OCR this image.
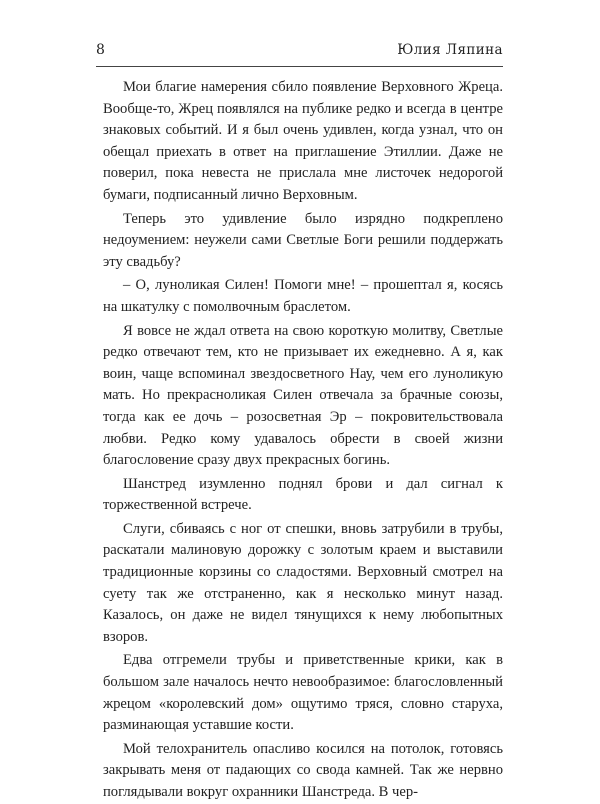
8	Юлия Ляпина

Мои благие намерения сбило появление Верховного Жреца. Вообще-то, Жрец появлялся на публике редко и всегда в центре знаковых событий. И я был очень удивлен, когда узнал, что он обещал приехать в ответ на приглашение Этиллии. Даже не поверил, пока невеста не прислала мне листочек недорогой бумаги, подписанный лично Верховным.

Теперь это удивление было изрядно подкреплено недоумением: неужели сами Светлые Боги решили поддержать эту свадьбу?

– О, луноликая Силен! Помоги мне! – прошептал я, косясь на шкатулку с помолвочным браслетом.

Я вовсе не ждал ответа на свою короткую молитву, Светлые редко отвечают тем, кто не призывает их ежедневно. А я, как воин, чаще вспоминал звездосветного Нау, чем его луноликую мать. Но прекрасноликая Силен отвечала за брачные союзы, тогда как ее дочь – розосветная Эр – покровительствовала любви. Редко кому удавалось обрести в своей жизни благословение сразу двух прекрасных богинь.

Шанстред изумленно поднял брови и дал сигнал к торжественной встрече.

Слуги, сбиваясь с ног от спешки, вновь затрубили в трубы, раскатали малиновую дорожку с золотым краем и выставили традиционные корзины со сладостями. Верховный смотрел на суету так же отстраненно, как я несколько минут назад. Казалось, он даже не видел тянущихся к нему любопытных взоров.

Едва отгремели трубы и приветственные крики, как в большом зале началось нечто невообразимое: благословленный жрецом «королевский дом» ощутимо тряся, словно старуха, разминающая уставшие кости.

Мой телохранитель опасливо косился на потолок, готовясь закрывать меня от падающих со свода камней. Так же нервно поглядывали вокруг охранники Шанстреда. В чер-
